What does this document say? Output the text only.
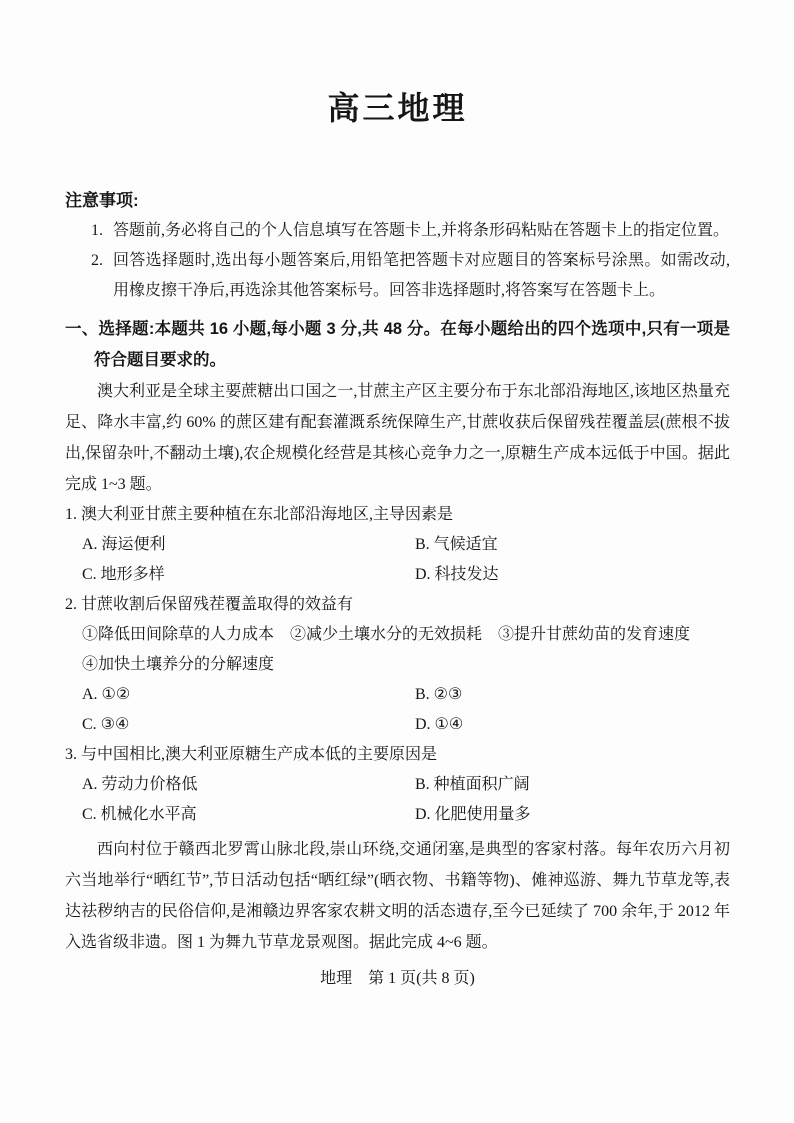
高三地理
注意事项:
1. 答题前,务必将自己的个人信息填写在答题卡上,并将条形码粘贴在答题卡上的指定位置。
2. 回答选择题时,选出每小题答案后,用铅笔把答题卡对应题目的答案标号涂黑。如需改动,用橡皮擦干净后,再选涂其他答案标号。回答非选择题时,将答案写在答题卡上。
一、选择题:本题共 16 小题,每小题 3 分,共 48 分。在每小题给出的四个选项中,只有一项是符合题目要求的。

澳大利亚是全球主要蔗糖出口国之一,甘蔗主产区主要分布于东北部沿海地区,该地区热量充足、降水丰富,约 60% 的蔗区建有配套灌溉系统保障生产,甘蔗收获后保留残茬覆盖层(蔗根不拔出,保留杂叶,不翻动土壤),农企规模化经营是其核心竞争力之一,原糖生产成本远低于中国。据此完成 1~3 题。

1. 澳大利亚甘蔗主要种植在东北部沿海地区,主导因素是
A. 海运便利	B. 气候适宜
C. 地形多样	D. 科技发达
2. 甘蔗收割后保留残茬覆盖取得的效益有
①降低田间除草的人力成本　②减少土壤水分的无效损耗　③提升甘蔗幼苗的发育速度
④加快土壤养分的分解速度
A. ①②	B. ②③
C. ③④	D. ①④
3. 与中国相比,澳大利亚原糖生产成本低的主要原因是
A. 劳动力价格低	B. 种植面积广阔
C. 机械化水平高	D. 化肥使用量多

西向村位于赣西北罗霄山脉北段,崇山环绕,交通闭塞,是典型的客家村落。每年农历六月初六当地举行“晒红节”,节日活动包括“晒红绿”(晒衣物、书籍等物)、傩神巡游、舞九节草龙等,表达祛秽纳吉的民俗信仰,是湘赣边界客家农耕文明的活态遗存,至今已延续了 700 余年,于 2012 年入选省级非遗。图 1 为舞九节草龙景观图。据此完成 4~6 题。

地理　第 1 页(共 8 页)
